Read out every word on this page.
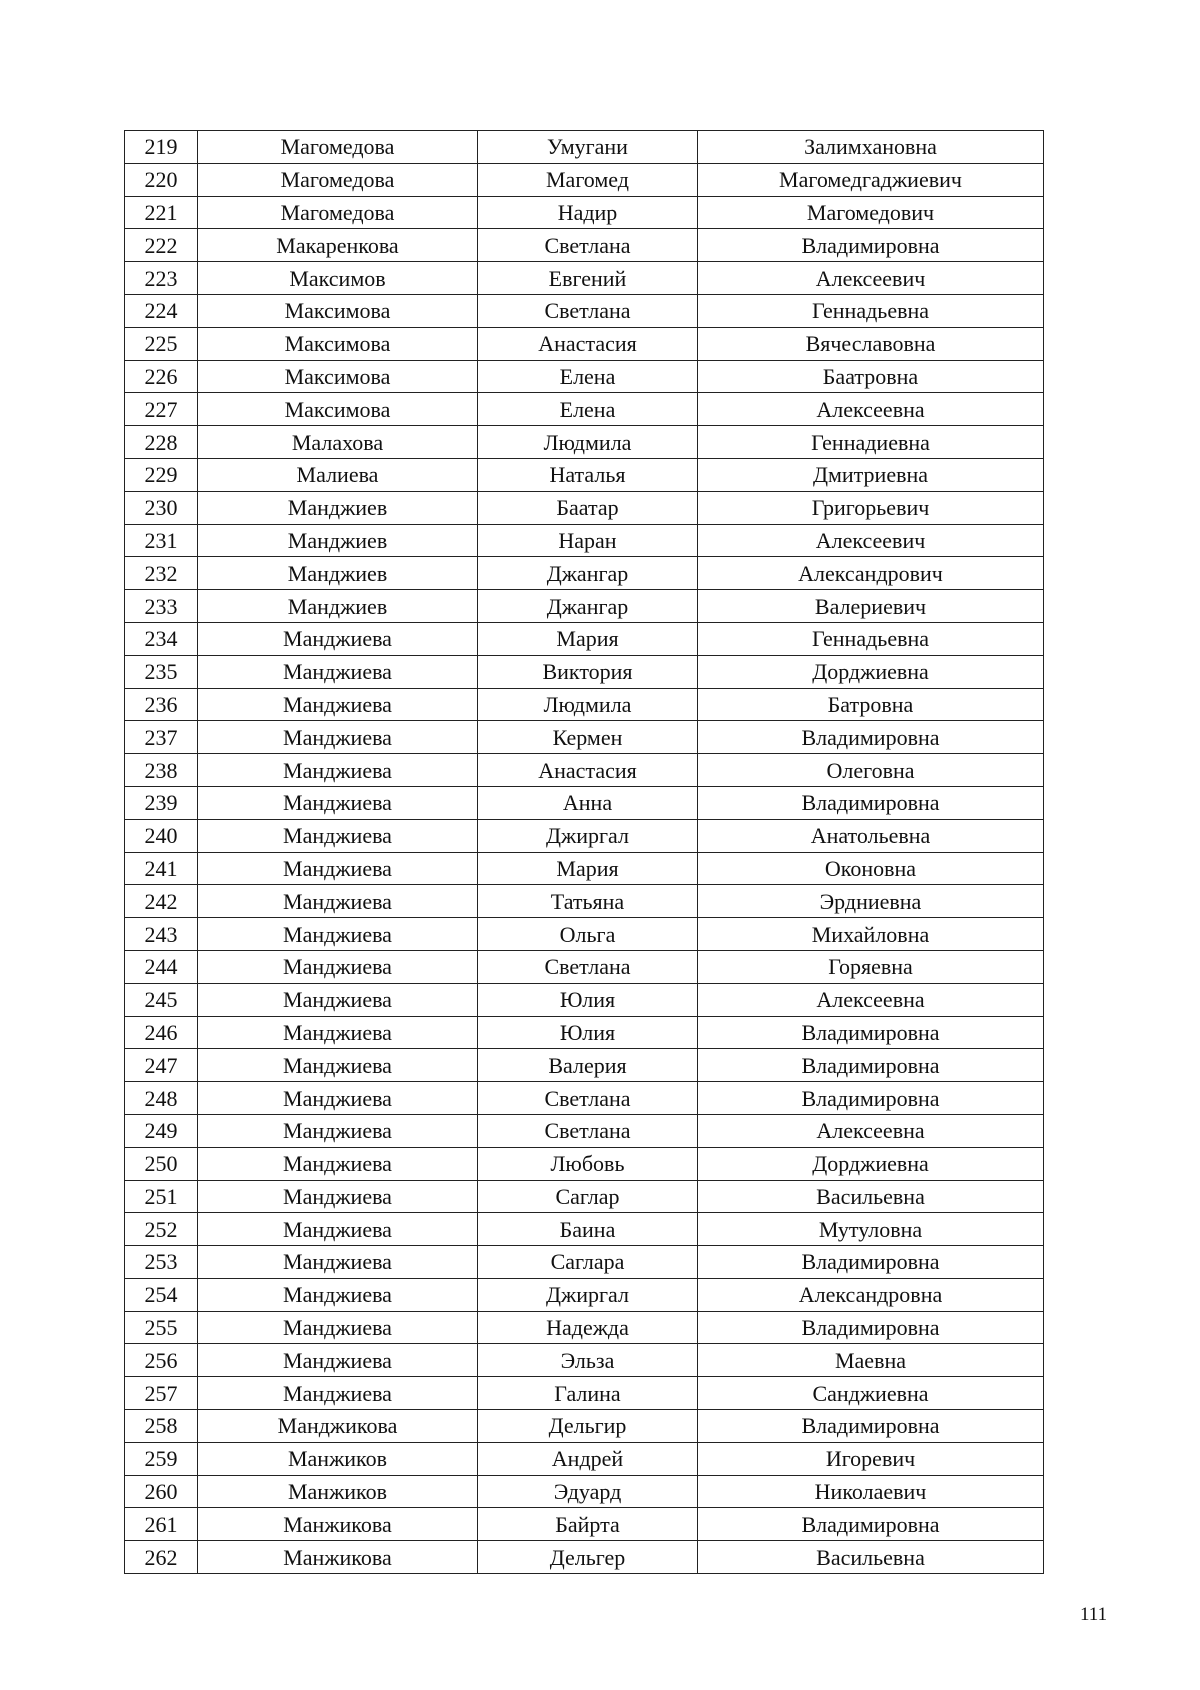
219	Магомедова	Умугани	Залимхановна
220	Магомедова	Магомед	Магомедгаджиевич
221	Магомедова	Надир	Магомедович
222	Макаренкова	Светлана	Владимировна
223	Максимов	Евгений	Алексеевич
224	Максимова	Светлана	Геннадьевна
225	Максимова	Анастасия	Вячеславовна
226	Максимова	Елена	Баатровна
227	Максимова	Елена	Алексеевна
228	Малахова	Людмила	Геннадиевна
229	Малиева	Наталья	Дмитриевна
230	Манджиев	Баатар	Григорьевич
231	Манджиев	Наран	Алексеевич
232	Манджиев	Джангар	Александрович
233	Манджиев	Джангар	Валериевич
234	Манджиева	Мария	Геннадьевна
235	Манджиева	Виктория	Дорджиевна
236	Манджиева	Людмила	Батровна
237	Манджиева	Кермен	Владимировна
238	Манджиева	Анастасия	Олеговна
239	Манджиева	Анна	Владимировна
240	Манджиева	Джиргал	Анатольевна
241	Манджиева	Мария	Оконовна
242	Манджиева	Татьяна	Эрдниевна
243	Манджиева	Ольга	Михайловна
244	Манджиева	Светлана	Горяевна
245	Манджиева	Юлия	Алексеевна
246	Манджиева	Юлия	Владимировна
247	Манджиева	Валерия	Владимировна
248	Манджиева	Светлана	Владимировна
249	Манджиева	Светлана	Алексеевна
250	Манджиева	Любовь	Дорджиевна
251	Манджиева	Саглар	Васильевна
252	Манджиева	Баина	Мутуловна
253	Манджиева	Саглара	Владимировна
254	Манджиева	Джиргал	Александровна
255	Манджиева	Надежда	Владимировна
256	Манджиева	Эльза	Маевна
257	Манджиева	Галина	Санджиевна
258	Манджикова	Дельгир	Владимировна
259	Манжиков	Андрей	Игоревич
260	Манжиков	Эдуард	Николаевич
261	Манжикова	Байрта	Владимировна
262	Манжикова	Дельгер	Васильевна
111
